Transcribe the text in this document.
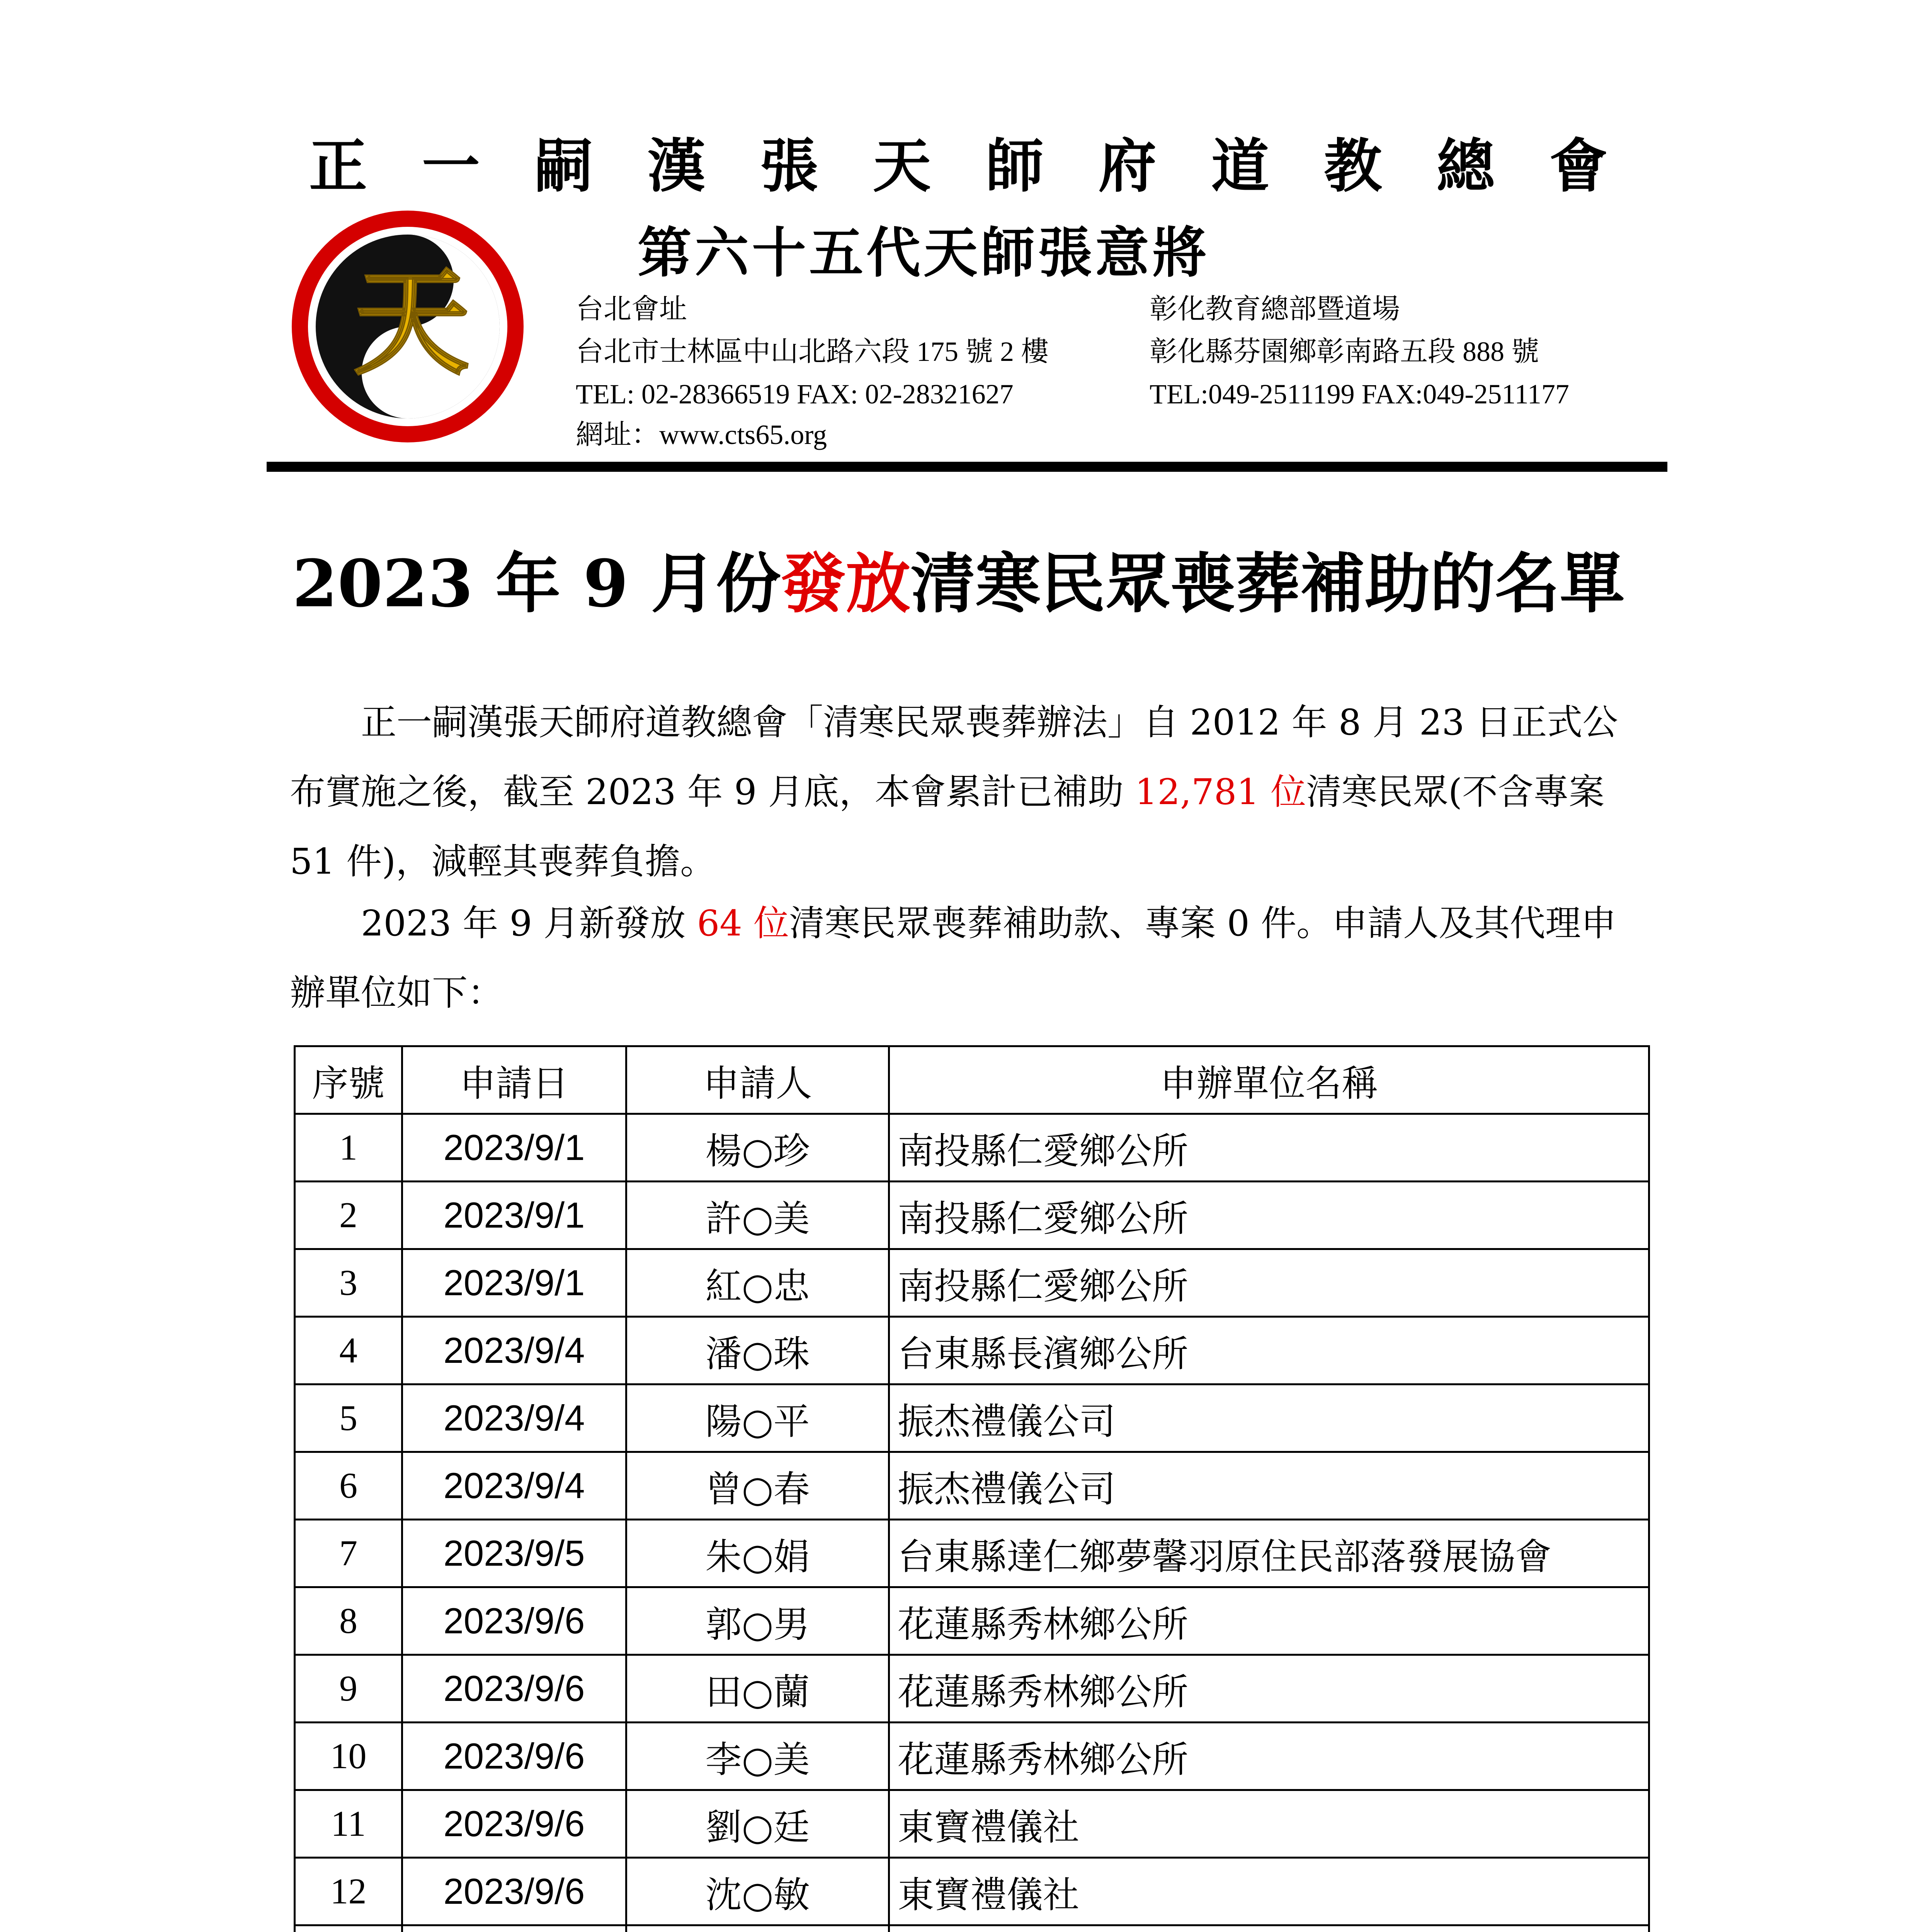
正 一 嗣 漢 張 天 師 府 道 教 總 會
天
第六十五代天師張意將
台北會址
台北市士林區中山北路六段 175 號 2 樓
TEL: 02-28366519 FAX: 02-28321627
網址：www.cts65.org
彰化教育總部暨道場
彰化縣芬園鄉彰南路五段 888 號
TEL:049-2511199 FAX:049-2511177
2023 年 9 月份發放清寒民眾喪葬補助的名單
正一嗣漢張天師府道教總會「清寒民眾喪葬辦法」自 2012 年 8 月 23 日正式公布實施之後，截至 2023 年 9 月底，本會累計已補助 12,781 位清寒民眾(不含專案 51 件)，減輕其喪葬負擔。
2023 年 9 月新發放 64 位清寒民眾喪葬補助款、專案 0 件。申請人及其代理申辦單位如下：
序號	申請日	申請人	申辦單位名稱
1	2023/9/1	楊○珍	南投縣仁愛鄉公所
2	2023/9/1	許○美	南投縣仁愛鄉公所
3	2023/9/1	紅○忠	南投縣仁愛鄉公所
4	2023/9/4	潘○珠	台東縣長濱鄉公所
5	2023/9/4	陽○平	振杰禮儀公司
6	2023/9/4	曾○春	振杰禮儀公司
7	2023/9/5	朱○娟	台東縣達仁鄉夢馨羽原住民部落發展協會
8	2023/9/6	郭○男	花蓮縣秀林鄉公所
9	2023/9/6	田○蘭	花蓮縣秀林鄉公所
10	2023/9/6	李○美	花蓮縣秀林鄉公所
11	2023/9/6	劉○廷	東寶禮儀社
12	2023/9/6	沈○敏	東寶禮儀社
